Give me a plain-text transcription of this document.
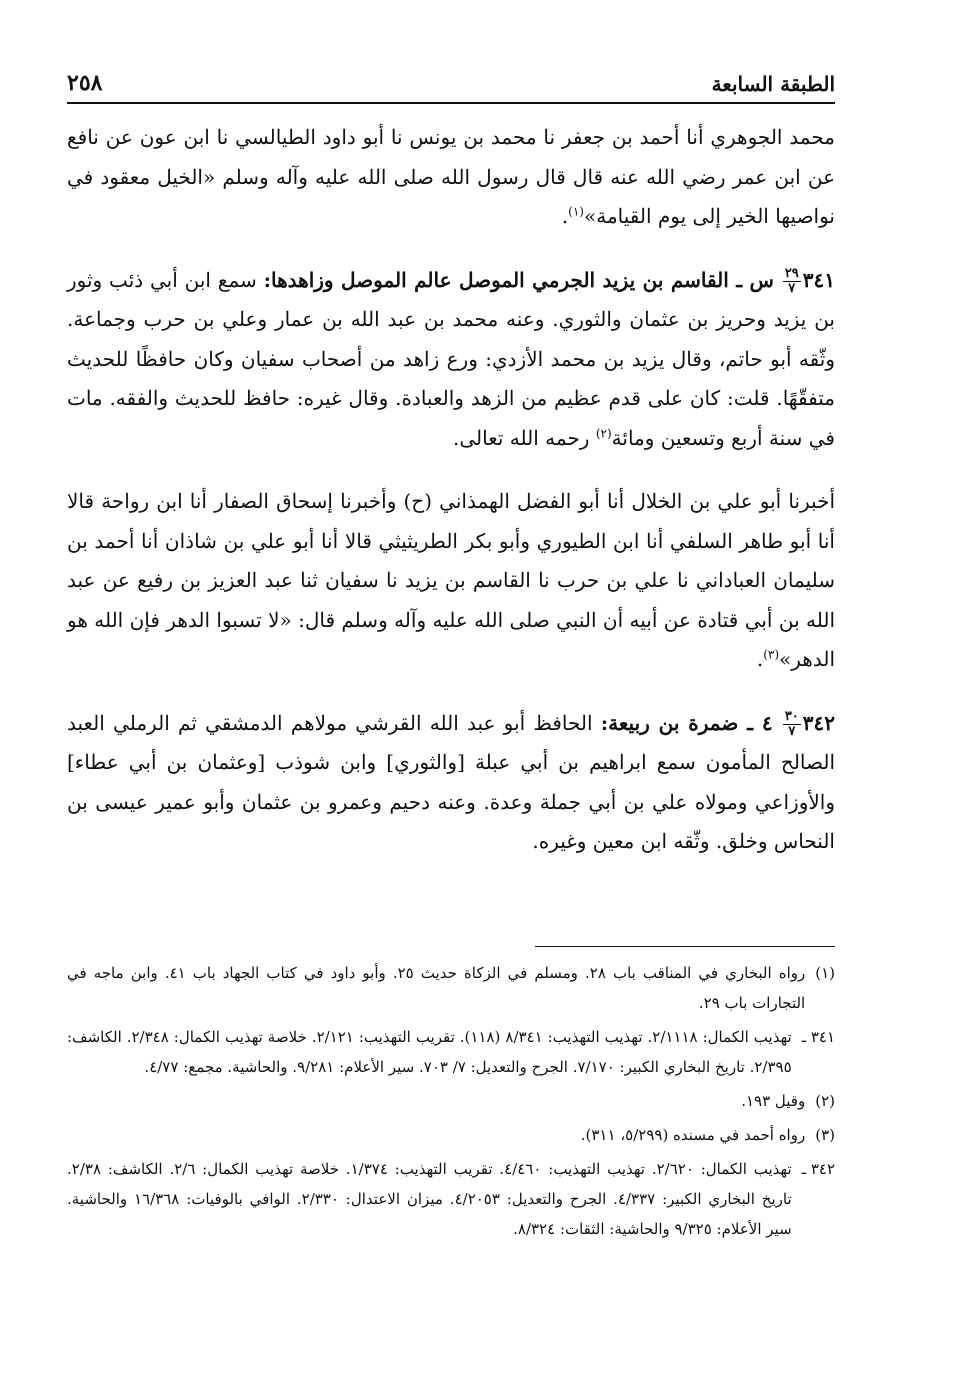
الطبقة السابعة
٢٥٨

محمد الجوهري أنا أحمد بن جعفر نا محمد بن يونس نا أبو داود الطيالسي نا ابن عون عن نافع عن ابن عمر رضي الله عنه قال قال رسول الله صلى الله عليه وآله وسلم «الخيل معقود في نواصيها الخير إلى يوم القيامة»$^{(١)}$.

٣٤١
$\frac{٢٩}{٧}$
س ـ القاسم بن يزيد الجرمي الموصل عالم الموصل وزاهدها: سمع ابن أبي ذئب وثور بن يزيد وحريز بن عثمان والثوري. وعنه محمد بن عبد الله بن عمار وعلي بن حرب وجماعة. وثّقه أبو حاتم، وقال يزيد بن محمد الأزدي: ورع زاهد من أصحاب سفيان وكان حافظًا للحديث متفقّهًا. قلت: كان على قدم عظيم من الزهد والعبادة. وقال غيره: حافظ للحديث والفقه. مات في سنة أربع وتسعين ومائة$^{(٢)}$ رحمه الله تعالى.

أخبرنا أبو علي بن الخلال أنا أبو الفضل الهمذاني (ح) وأخبرنا إسحاق الصفار أنا ابن رواحة قالا أنا أبو طاهر السلفي أنا ابن الطيوري وأبو بكر الطريثيثي قالا أنا أبو علي بن شاذان أنا أحمد بن سليمان العباداني نا علي بن حرب نا القاسم بن يزيد نا سفيان ثنا عبد العزيز بن رفيع عن عبد الله بن أبي قتادة عن أبيه أن النبي صلى الله عليه وآله وسلم قال: «لا تسبوا الدهر فإن الله هو الدهر»$^{(٣)}$.

٣٤٢
$\frac{٣٠}{٧}$
٤ ـ ضمرة بن ربيعة: الحافظ أبو عبد الله القرشي مولاهم الدمشقي ثم الرملي العبد الصالح المأمون سمع ابراهيم بن أبي عبلة [والثوري] وابن شوذب [وعثمان بن أبي عطاء] والأوزاعي ومولاه علي بن أبي جملة وعدة. وعنه دحيم وعمرو بن عثمان وأبو عمير عيسى بن النحاس وخلق. وثّقه ابن معين وغيره.

(١)
رواه البخاري في المناقب باب ٢٨. ومسلم في الزكاة حديث ٢٥. وأبو داود في كتاب الجهاد باب ٤١. وابن ماجه في التجارات باب ٢٩.
٣٤١ ـ
تهذيب الكمال: ٢/١١١٨. تهذيب التهذيب: ٨/٣٤١ (١١٨). تقريب التهذيب: ٢/١٢١. خلاصة تهذيب الكمال: ٢/٣٤٨. الكاشف: ٢/٣٩٥. تاريخ البخاري الكبير: ٧/١٧٠. الجرح والتعديل: ٧/ ٧٠٣. سير الأعلام: ٩/٢٨١. والحاشية. مجمع: ٤/٧٧.
(٢)
وقيل ١٩٣.
(٣)
رواه أحمد في مسنده (٥/٢٩٩، ٣١١).
٣٤٢ ـ
تهذيب الكمال: ٢/٦٢٠. تهذيب التهذيب: ٤/٤٦٠. تقريب التهذيب: ١/٣٧٤. خلاصة تهذيب الكمال: ٢/٦. الكاشف: ٢/٣٨. تاريخ البخاري الكبير: ٤/٣٣٧. الجرح والتعديل: ٤/٢٠٥٣. ميزان الاعتدال: ٢/٣٣٠. الوافي بالوفيات: ١٦/٣٦٨ والحاشية. سير الأعلام: ٩/٣٢٥ والحاشية: الثقات: ٨/٣٢٤.
